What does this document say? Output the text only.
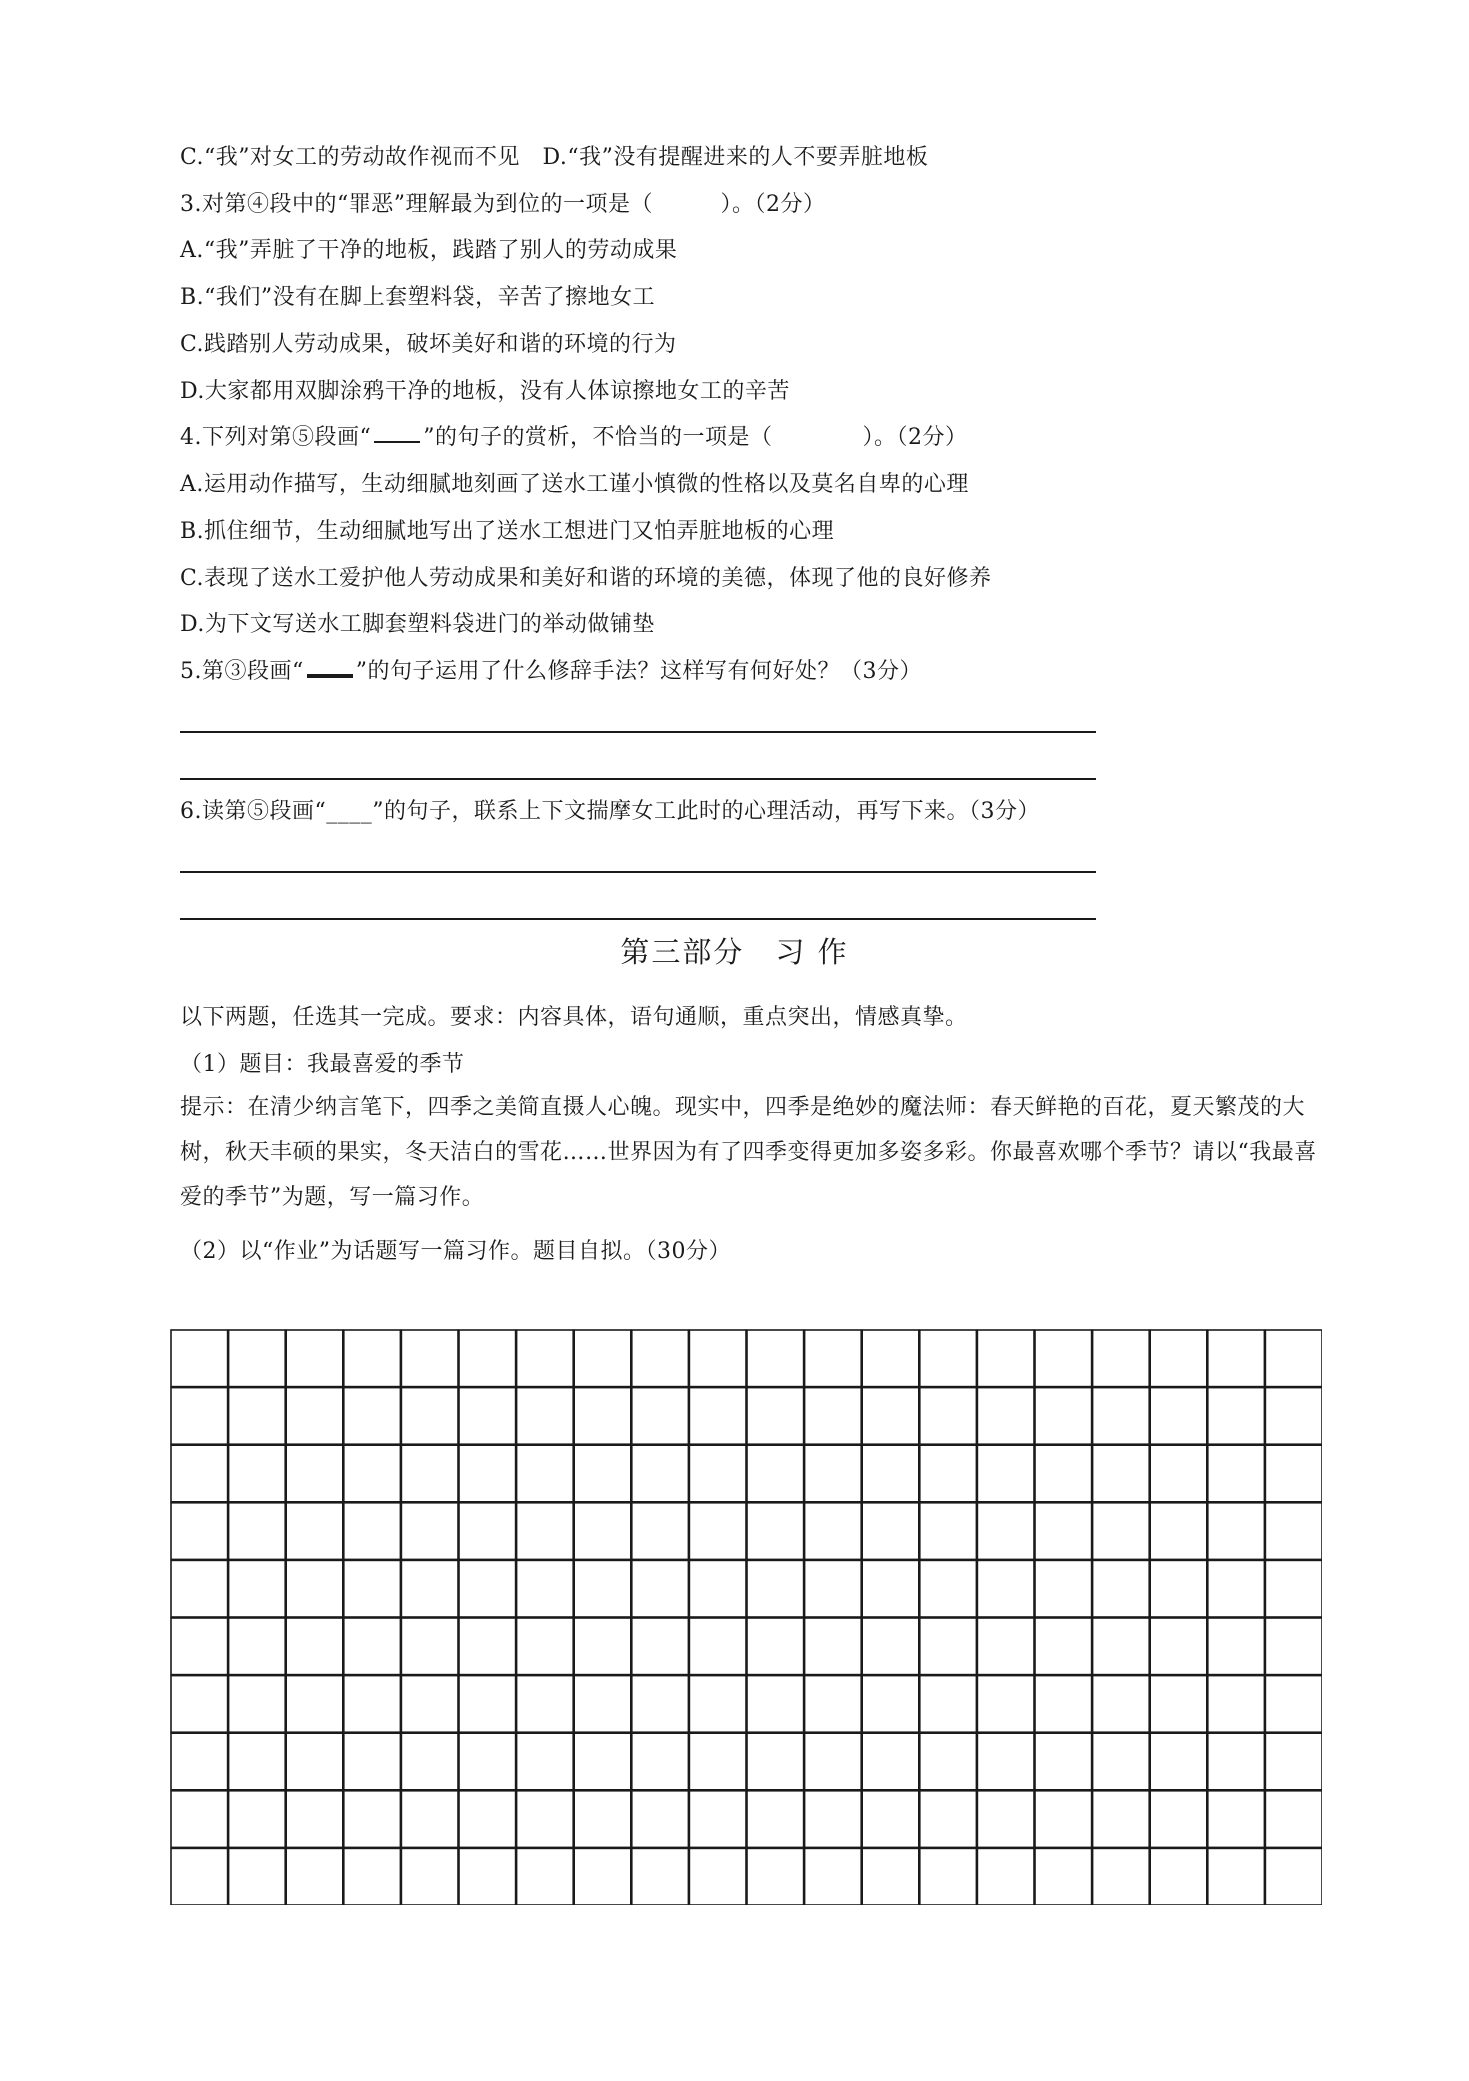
C.“我”对女工的劳动故作视而不见　D.“我”没有提醒进来的人不要弄脏地板
3.对第④段中的“罪恶”理解最为到位的一项是（　　　）。（2分）
A.“我”弄脏了干净的地板，践踏了别人的劳动成果
B.“我们”没有在脚上套塑料袋，辛苦了擦地女工
C.践踏别人劳动成果，破坏美好和谐的环境的行为
D.大家都用双脚涂鸦干净的地板，没有人体谅擦地女工的辛苦
4.下列对第⑤段画“ ”的句子的赏析，不恰当的一项是（　　　　）。（2分）
A.运用动作描写，生动细腻地刻画了送水工谨小慎微的性格以及莫名自卑的心理
B.抓住细节，生动细腻地写出了送水工想进门又怕弄脏地板的心理
C.表现了送水工爱护他人劳动成果和美好和谐的环境的美德，体现了他的良好修养
D.为下文写送水工脚套塑料袋进门的举动做铺垫
5.第③段画“ ”的句子运用了什么修辞手法？这样写有何好处？（3分）
6.读第⑤段画“____”的句子，联系上下文揣摩女工此时的心理活动，再写下来。（3分）
第三部分　习 作
以下两题，任选其一完成。要求：内容具体，语句通顺，重点突出，情感真挚。
（1）题目：我最喜爱的季节
提示：在清少纳言笔下，四季之美简直摄人心魄。现实中，四季是绝妙的魔法师：春天鲜艳的百花，夏天繁茂的大树，秋天丰硕的果实，冬天洁白的雪花……世界因为有了四季变得更加多姿多彩。你最喜欢哪个季节？请以“我最喜爱的季节”为题，写一篇习作。
（2）以“作业”为话题写一篇习作。题目自拟。（30分）
